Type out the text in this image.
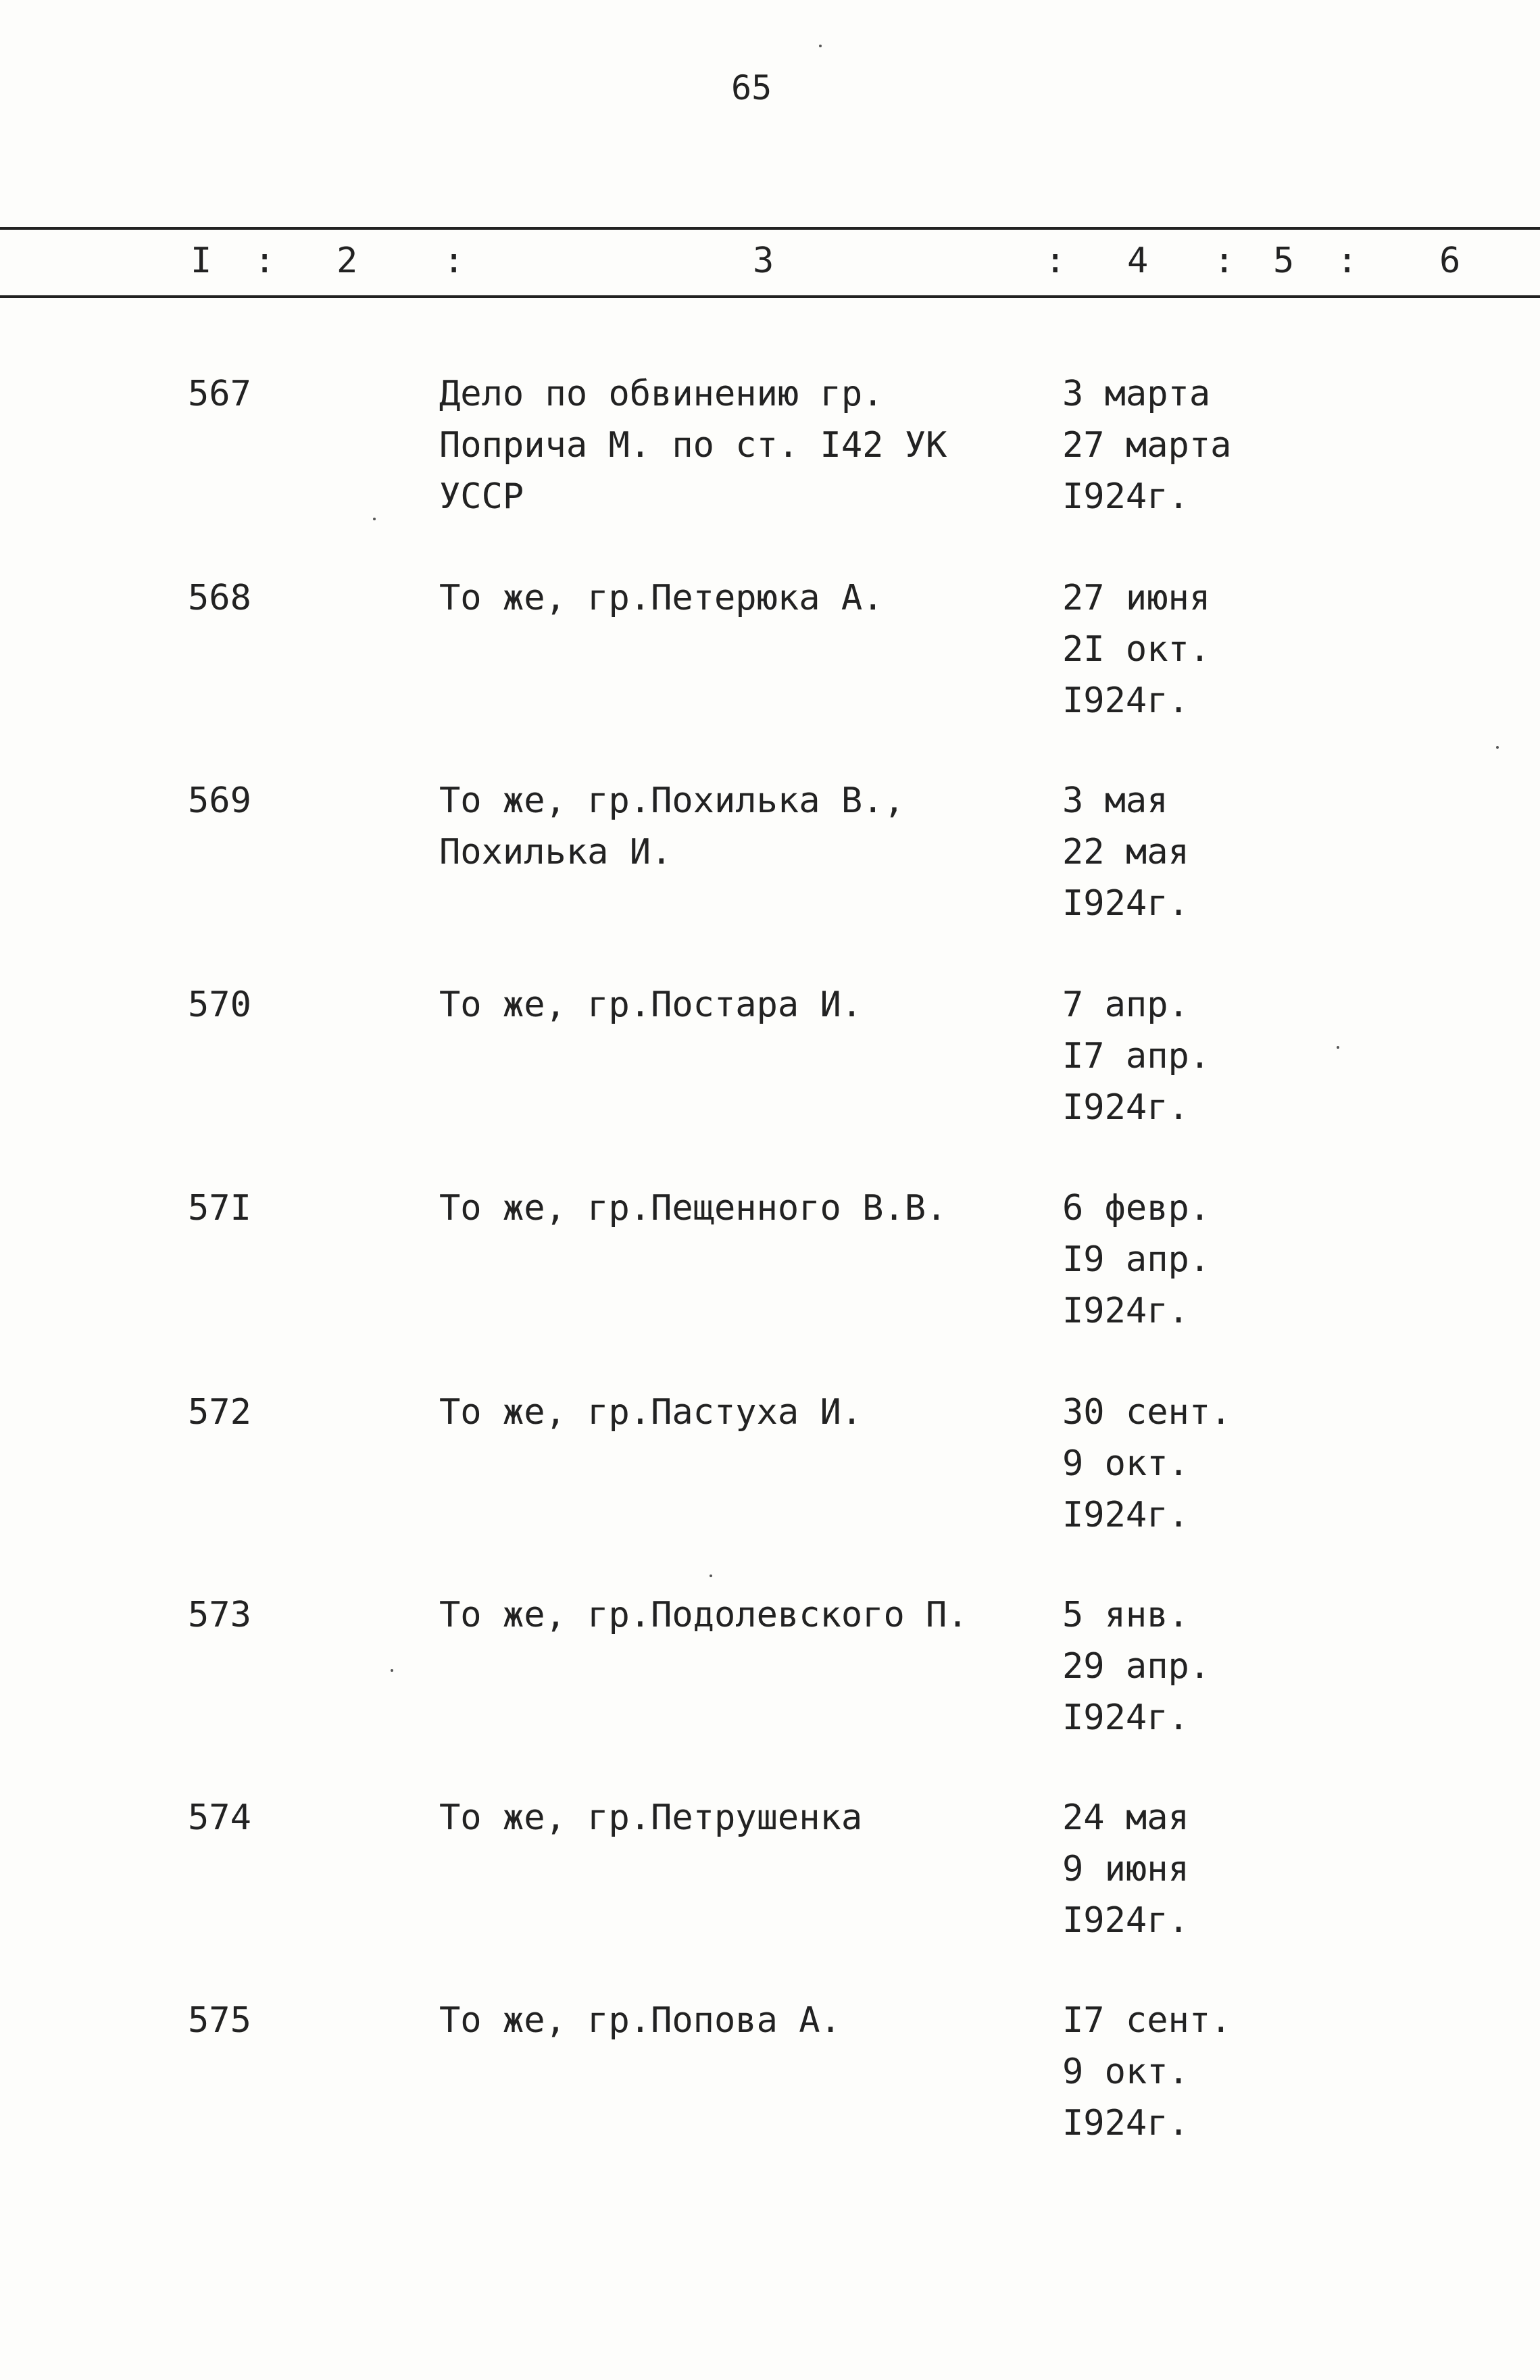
65
I : 2 :	3	: 4 : 5 : 6
567	Дело по обвинению гр. Поприча М. по ст. I42 УК УССР
3 марта
27 марта
I924г.
568	То же, гр.Петерюка А.	27 июня
2I окт.
I924г.
569	То же, гр.Похилька В., Похилька И.
3 мая
22 мая
I924г.
570	То же, гр.Постара И.	7 апр.
I7 апр.
I924г.
57I	То же, гр.Пещенного В.В.	6 февр.
I9 апр.
I924г.
572	То же, гр.Пастуха И.	30 сент.
9 окт.
I924г.
573	То же, гр.Подолевского П.	5 янв.
29 апр.
I924г.
574	То же, гр.Петрушенка	24 мая
9 июня
I924г.
575	То же, гр.Попова А.	I7 сент.
9 окт.
I924г.
